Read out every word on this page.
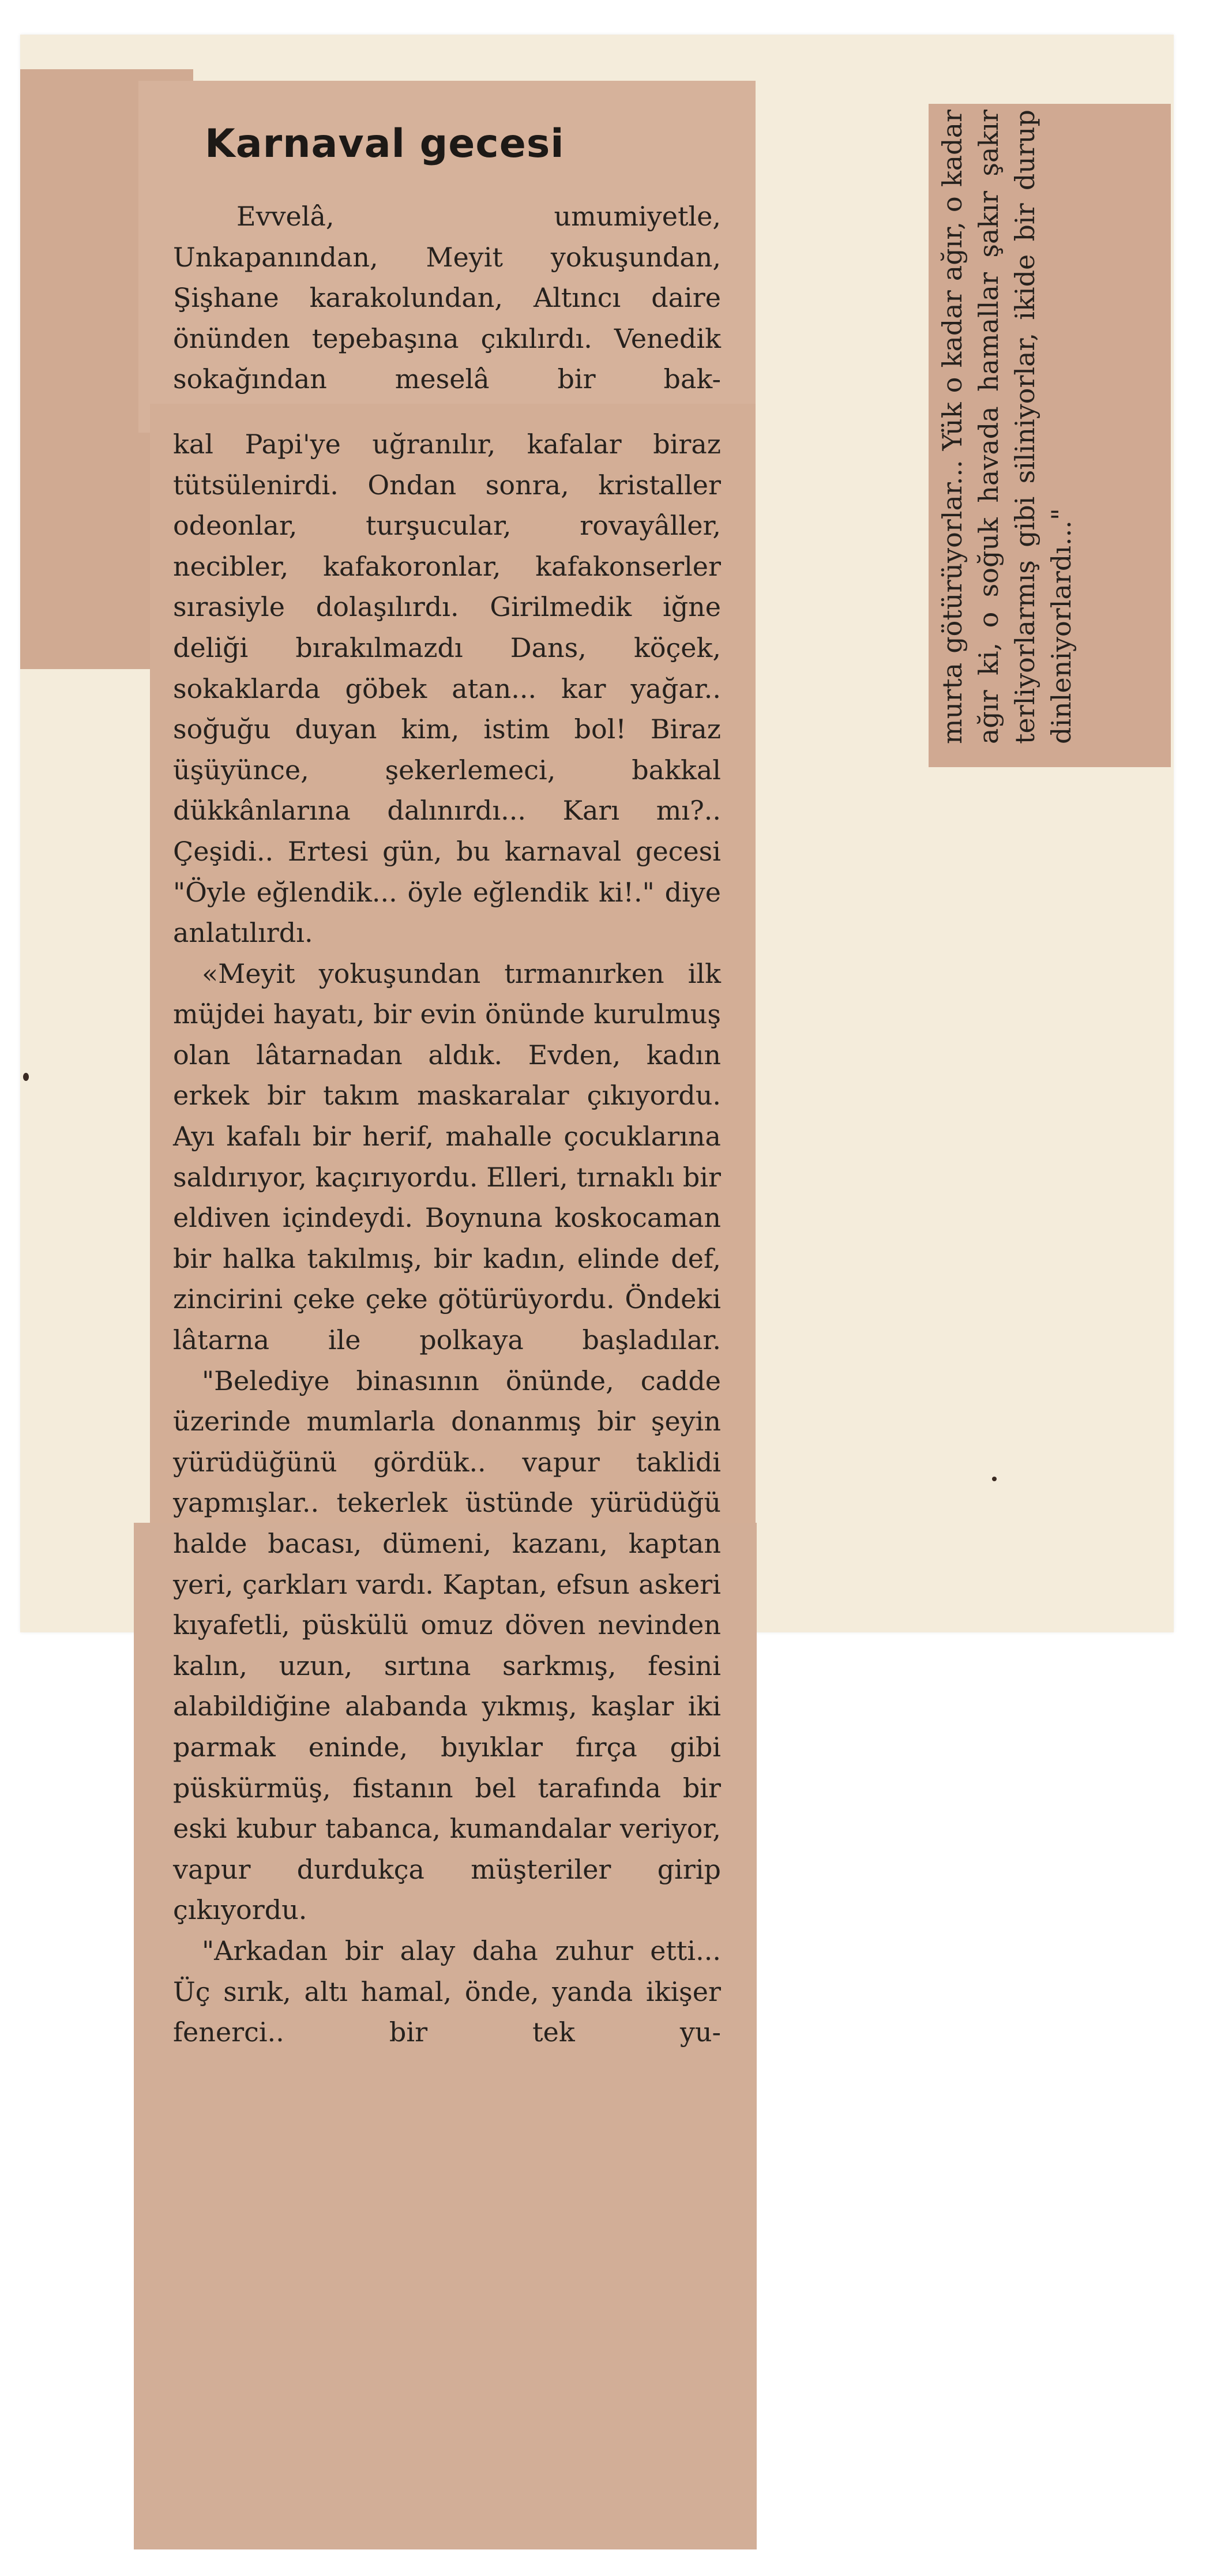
Karnaval gecesi

Evvelâ, umumiyetle, Unkapanından, Meyit yokuşundan, Şişhane karakolundan, Altıncı daire önünden tepebaşına çıkılırdı. Venedik sokağından meselâ bir bak-

kal Papi'ye uğranılır, kafalar biraz tütsülenirdi. Ondan sonra, kristaller odeonlar, turşucular, rovayâller, necibler, kafakoronlar, kafakonserler sırasiyle dolaşılırdı. Girilmedik iğne deliği bırakılmazdı Dans, köçek, sokaklarda göbek atan... kar yağar.. soğuğu duyan kim, istim bol! Biraz üşüyünce, şekerlemeci, bakkal dükkânlarına dalınırdı... Karı mı?.. Çeşidi.. Ertesi gün, bu karnaval gecesi "Öyle eğlendik... öyle eğlendik ki!." diye anlatılırdı.

«Meyit yokuşundan tırmanırken ilk müjdei hayatı, bir evin önünde kurulmuş olan lâtarnadan aldık. Evden, kadın erkek bir takım maskaralar çıkıyordu. Ayı kafalı bir herif, mahalle çocuklarına saldırıyor, kaçırıyordu. Elleri, tırnaklı bir eldiven içindeydi. Boynuna koskocaman bir halka takılmış, bir kadın, elinde def, zincirini çeke çeke götürüyordu. Öndeki lâtarna ile polkaya başladılar.

"Belediye binasının önünde, cadde üzerinde mumlarla donanmış bir şeyin yürüdüğünü gördük.. vapur taklidi yapmışlar.. tekerlek üstünde yürüdüğü halde bacası, dümeni, kazanı, kaptan yeri, çarkları vardı. Kaptan, efsun askeri kıyafetli, püskülü omuz döven nevinden kalın, uzun, sırtına sarkmış, fesini alabildiğine alabanda yıkmış, kaşlar iki parmak eninde, bıyıklar fırça gibi püskürmüş, fistanın bel tarafında bir eski kubur tabanca, kumandalar veriyor, vapur durdukça müşteriler girip çıkıyordu.

"Arkadan bir alay daha zuhur etti... Üç sırık, altı hamal, önde, yanda ikişer fenerci.. bir tek yu-

murta götürüyorlar... Yük o kadar ağır, o kadar ağır ki, o soğuk havada hamallar şakır şakır terliyorlarmış gibi siliniyorlar, ikide bir durup dinleniyorlardı..."
